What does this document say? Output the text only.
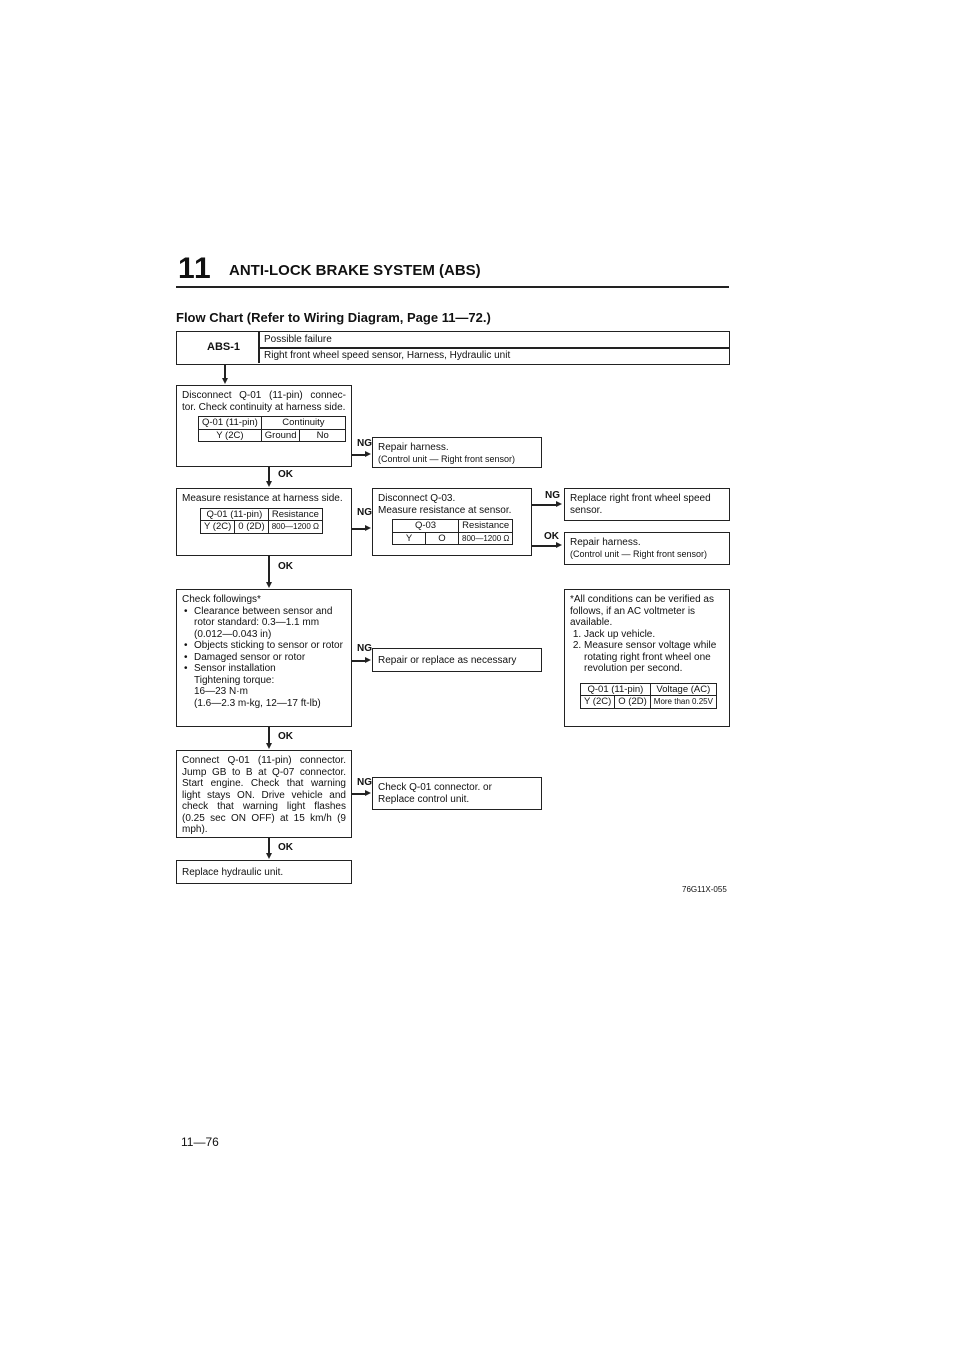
11 ANTI-LOCK BRAKE SYSTEM (ABS)
Flow Chart (Refer to Wiring Diagram, Page 11—72.)
ABS-1
Possible failure
Right front wheel speed sensor, Harness, Hydraulic unit
Disconnect Q-01 (11-pin) connec- tor. Check continuity at harness side.
Q-01 (11-pin)	Continuity	
Y (2C)	Ground	No
NG Repair harness.
(Control unit — Right front sensor)
OK
Measure resistance at harness side.
Q-01 (11-pin)		Resistance
Y (2C)	0 (2D)	800—1200 Ω
NG
Disconnect Q-03.
Measure resistance at sensor.
Q-03		Resistance
Y	O	800—1200 Ω
NG Replace right front wheel speed
sensor.
OK
Repair harness.
(Control unit — Right front sensor)
OK
Check followings*
• Clearance between sensor and rotor standard: 0.3—1.1 mm (0.012—0.043 in)
• Objects sticking to sensor or rotor
• Damaged sensor or rotor
• Sensor installation
Tightening torque:
16—23 N·m
(1.6—2.3 m-kg, 12—17 ft-lb)
NG
Repair or replace as necessary
*All conditions can be verified as follows, if an AC voltmeter is available.
1. Jack up vehicle.
2. Measure sensor voltage while rotating right front wheel one revolution per second.
Q-01 (11-pin)		Voltage (AC)
Y (2C)	O (2D)	More than 0.25V
OK
Connect Q-01 (11-pin) connector. Jump GB to B at Q-07 connector. Start engine. Check that warning light stays ON. Drive vehicle and check that warning light flashes (0.25 sec ON OFF) at 15 km/h (9 mph).
NG Check Q-01 connector. or
Replace control unit.
OK
Replace hydraulic unit.
76G11X-055
11—76
